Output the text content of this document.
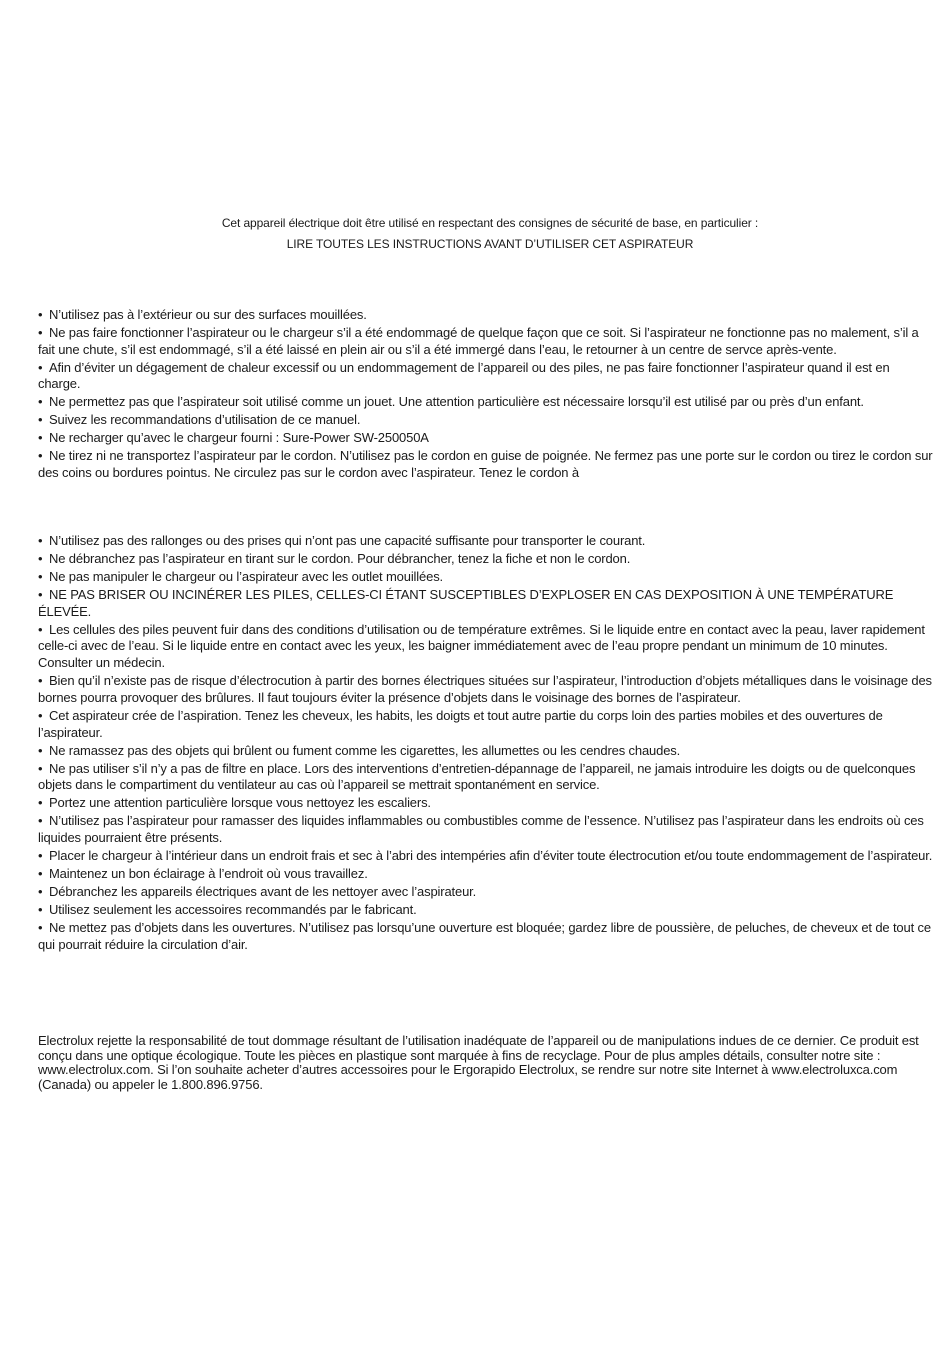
Cet appareil électrique doit être utilisé en respectant des consignes de sécurité de base, en particulier :

LIRE TOUTES LES INSTRUCTIONS AVANT D’UTILISER CET ASPIRATEUR

• N’utilisez pas à l’extérieur ou sur des surfaces mouillées.
• Ne pas faire fonctionner l’aspirateur ou le chargeur s’il a été endommagé de quelque façon que ce soit. Si l’aspirateur ne fonctionne pas no malement, s’il a fait une chute, s’il est endommagé, s’il a été laissé en plein air ou s’il a été immergé dans l’eau, le retourner à un centre de servce après-vente.
• Afin d’éviter un dégagement de chaleur excessif ou un endommagement de l’appareil ou des piles, ne pas faire fonctionner l’aspirateur quand il est en charge.
• Ne permettez pas que l’aspirateur soit utilisé comme un jouet. Une attention particulière est nécessaire lorsqu’il est utilisé par ou près d’un enfant.
• Suivez les recommandations d’utilisation de ce manuel.
• Ne recharger qu’avec le chargeur fourni : Sure-Power SW-250050A
• Ne tirez ni ne transportez l’aspirateur par le cordon. N’utilisez pas le cordon en guise de poignée. Ne fermez pas une porte sur le cordon ou tirez le cordon sur des coins ou bordures pointus. Ne circulez pas sur le cordon avec l’aspirateur. Tenez le cordon à
• N’utilisez pas des rallonges ou des prises qui n’ont pas une capacité suffisante pour transporter le courant.
• Ne débranchez pas l’aspirateur en tirant sur le cordon. Pour débrancher, tenez la fiche et non le cordon.
• Ne pas manipuler le chargeur ou l’aspirateur avec les outlet mouillées.
• NE PAS BRISER OU INCINÉRER LES PILES, CELLES-CI ÉTANT SUSCEPTIBLES D’EXPLOSER EN CAS DEXPOSITION À UNE TEMPÉRATURE ÉLEVÉE.
• Les cellules des piles peuvent fuir dans des conditions d’utilisation ou de température extrêmes. Si le liquide entre en contact avec la peau, laver rapidement celle-ci avec de l’eau. Si le liquide entre en contact avec les yeux, les baigner immédiatement avec de l’eau propre pendant un minimum de 10 minutes. Consulter un médecin.
• Bien qu’il n’existe pas de risque d’électrocution à partir des bornes électriques situées sur l’aspirateur, l’introduction d’objets métalliques dans le voisinage des bornes pourra provoquer des brûlures. Il faut toujours éviter la présence d’objets dans le voisinage des bornes de l’aspirateur.
• Cet aspirateur crée de l’aspiration. Tenez les cheveux, les habits, les doigts et tout autre partie du corps loin des parties mobiles et des ouvertures de l’aspirateur.
• Ne ramassez pas des objets qui brûlent ou fument comme les cigarettes, les allumettes ou les cendres chaudes.
• Ne pas utiliser s’il n’y a pas de filtre en place. Lors des interventions d’entretien-dépannage de l’appareil, ne jamais introduire les doigts ou de quelconques objets dans le compartiment du ventilateur au cas où l’appareil se mettrait spontanément en service.
• Portez une attention particulière lorsque vous nettoyez les escaliers.
• N’utilisez pas l’aspirateur pour ramasser des liquides inflammables ou combustibles comme de l’essence. N’utilisez pas l’aspirateur dans les endroits où ces liquides pourraient être présents.
• Placer le chargeur à l’intérieur dans un endroit frais et sec à l’abri des intempéries afin d’éviter toute électrocution et/ou toute endommagement de l’aspirateur.
• Maintenez un bon éclairage à l’endroit où vous travaillez.
• Débranchez les appareils électriques avant de les nettoyer avec l’aspirateur.
• Utilisez seulement les accessoires recommandés par le fabricant.
• Ne mettez pas d’objets dans les ouvertures. N’utilisez pas lorsqu’une ouverture est bloquée; gardez libre de poussière, de peluches, de cheveux et de tout ce qui pourrait réduire la circulation d’air.

Electrolux rejette la responsabilité de tout dommage résultant de l’utilisation inadéquate de l’appareil ou de manipulations indues de ce dernier. Ce produit est conçu dans une optique écologique. Toute les pièces en plastique sont marquée à fins de recyclage. Pour de plus amples détails, consulter notre site : www.electrolux.com. Si l’on souhaite acheter d’autres accessoires pour le Ergorapido Electrolux, se rendre sur notre site Internet à www.electroluxca.com (Canada) ou appeler le 1.800.896.9756.
